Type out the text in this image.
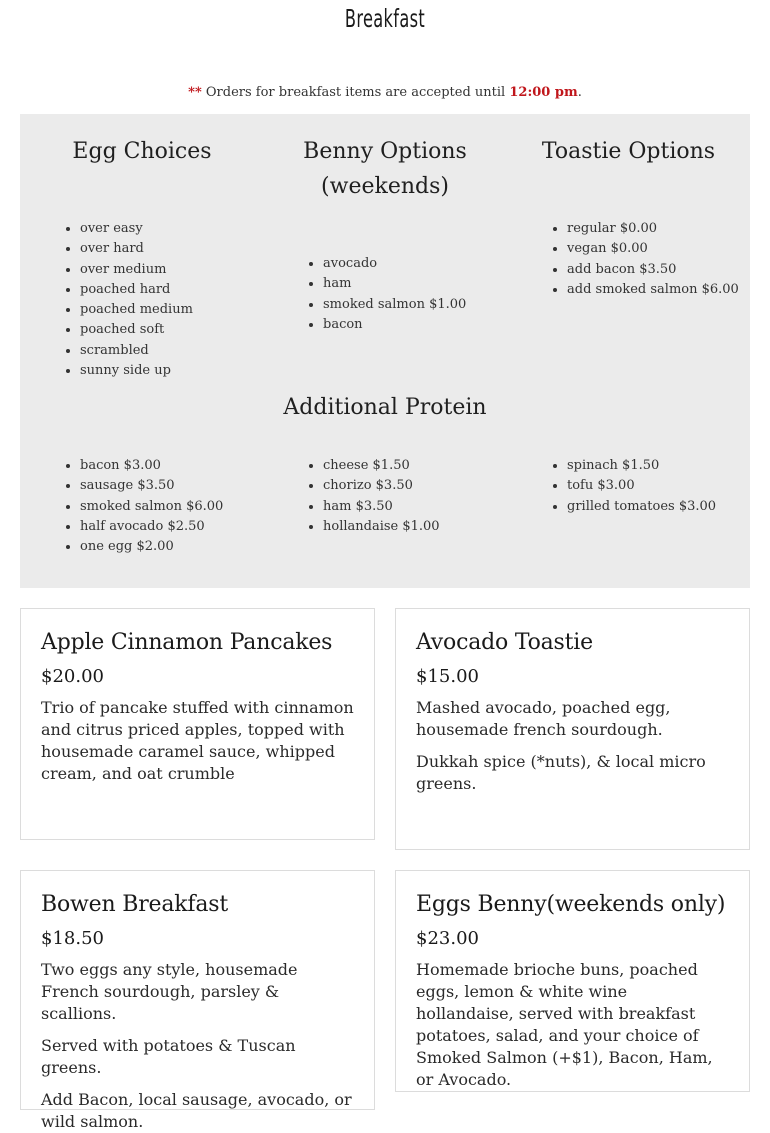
Breakfast
** Orders for breakfast items are accepted until 12:00 pm.
Egg Choices
• over easy
• over hard
• over medium
• poached hard
• poached medium
• poached soft
• scrambled
• sunny side up
Benny Options (weekends)
• avocado
• ham
• smoked salmon $1.00
• bacon
Toastie Options
• regular $0.00
• vegan $0.00
• add bacon $3.50
• add smoked salmon $6.00
Additional Protein
• bacon $3.00
• sausage $3.50
• smoked salmon $6.00
• half avocado $2.50
• one egg $2.00
• cheese $1.50
• chorizo $3.50
• ham $3.50
• hollandaise $1.00
• spinach $1.50
• tofu $3.00
• grilled tomatoes $3.00
Apple Cinnamon Pancakes
$20.00

Trio of pancake stuffed with cinnamon and citrus priced apples, topped with housemade caramel sauce, whipped cream, and oat crumble

Avocado Toastie
$15.00

Mashed avocado, poached egg, housemade french sourdough.

Dukkah spice (*nuts), & local micro greens.

Bowen Breakfast
$18.50

Two eggs any style, housemade French sourdough, parsley & scallions.

Served with potatoes & Tuscan greens.

Add Bacon, local sausage, avocado, or wild salmon.

Eggs Benny(weekends only)
$23.00

Homemade brioche buns, poached eggs, lemon & white wine hollandaise, served with breakfast potatoes, salad, and your choice of Smoked Salmon (+$1), Bacon, Ham, or Avocado.
